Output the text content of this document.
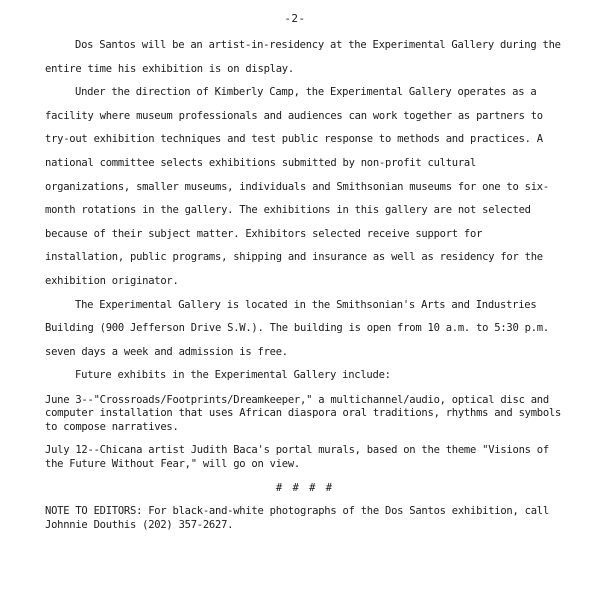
-2-

Dos Santos will be an artist-in-residency at the Experimental Gallery during the entire time his exhibition is on display.

Under the direction of Kimberly Camp, the Experimental Gallery operates as a facility where museum professionals and audiences can work together as partners to try-out exhibition techniques and test public response to methods and practices. A national committee selects exhibitions submitted by non-profit cultural organizations, smaller museums, individuals and Smithsonian museums for one to six-month rotations in the gallery. The exhibitions in this gallery are not selected because of their subject matter. Exhibitors selected receive support for installation, public programs, shipping and insurance as well as residency for the exhibition originator.

The Experimental Gallery is located in the Smithsonian's Arts and Industries Building (900 Jefferson Drive S.W.). The building is open from 10 a.m. to 5:30 p.m. seven days a week and admission is free.

Future exhibits in the Experimental Gallery include:

June 3--"Crossroads/Footprints/Dreamkeeper," a multichannel/audio, optical disc and computer installation that uses African diaspora oral traditions, rhythms and symbols to compose narratives.

July 12--Chicana artist Judith Baca's portal murals, based on the theme "Visions of the Future Without Fear," will go on view.

# # # #

NOTE TO EDITORS: For black-and-white photographs of the Dos Santos exhibition, call Johnnie Douthis (202) 357-2627.
